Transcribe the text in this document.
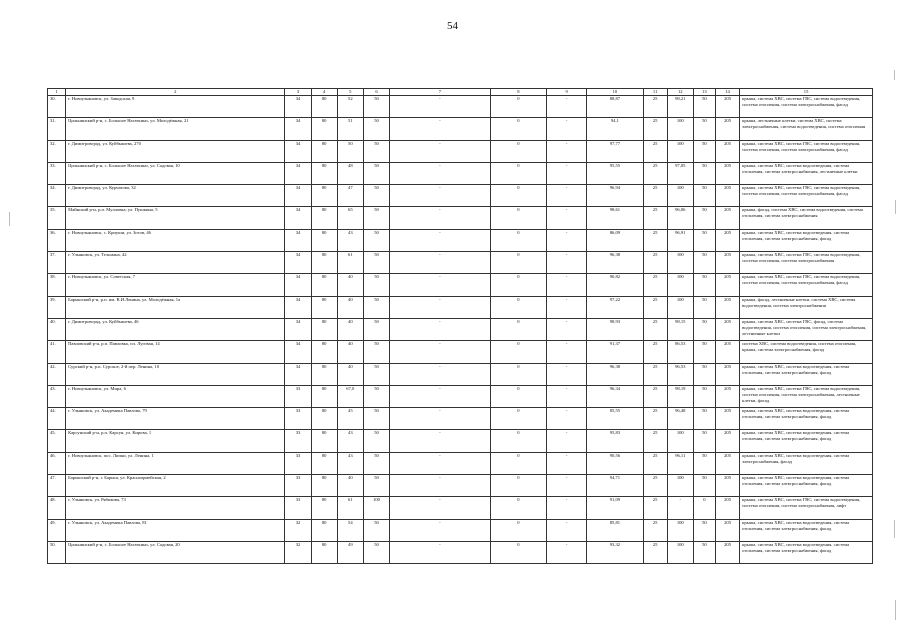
54
1	2	3	4	5	6	7	8	9	10	11	12	13	14	15
30.	г. Новоульяновск, ул. Заводская, 9	34	80	52	50	-	0	-	88,87	25	98,21	50	205	крыша, система ХВС, система ГВС, система водоотведения, система отопления, система электроснабжения, фасад
31.	Цильнинский р-н, с. Большое Нагаткино, ул. Молодёжная, 21	34	80	51	50	-	0	-	94,1	25	100	50	205	крыша, лестничные клетки, система ХВС, система электроснабжения, система водоотведения, система отопления
32.	г. Димитровград, ул. Куйбышева, 270	34	80	50	50	-	0	-	97,77	25	100	50	205	крыша, система ХВС, система ГВС, система водоотведения, система отопления, система электроснабжения, фасад
33.	Цильнинский р-н, с. Большое Нагаткино, ул. Садовая, 10	34	80	48	50	-	0	-	95,55	25	97,05	50	205	крыша, система ХВС, система водоотведения, система отопления, система электроснабжения, лестничные клетки
34.	г. Димитровград, ул. Курчатова, 32	34	80	47	50	-	0	-	96,94	25	100	50	205	крыша, система ХВС, система ГВС, система водоотведения, система отопления, система электроснабжения, фасад
35.	Майнский р-н, р.п. Мулловка, ул. Пушкина, 5	34	80	65	50	-	0	-	98,61	25	96,06	50	205	крыша, фасад, система ХВС, система водоотведения, система отопления, система электроснабжения
36.	г. Новоульяновск, с. Криуши, ул. Зотов, 46	34	80	43	50	-	0	-	86,09	25	96,91	50	205	крыша, система ХВС, система водоотведения, система отопления, система электроснабжения, фасад
37.	г. Ульяновск, ул. Тельмана, 42	34	80	61	50	-	0	-	96,38	25	100	50	205	крыша, система ХВС, система ГВС, система водоотведения, система отопления, система электроснабжения
38.	г. Новоульяновск, ул. Советская, 7	34	80	40	50	-	0	-	90,82	25	100	50	205	крыша, система ХВС, система ГВС, система водоотведения, система отопления, система электроснабжения, фасад
39.	Барышский р-н, р.п. им. В.И.Ленина, ул. Молодёжная, 1а	34	80	40	50	-	0	-	97,22	25	100	50	205	крыша, фасад, лестничные клетки, система ХВС, система водоотведения, система электроснабжения
40.	г. Димитровград, ул. Куйбышева, 46	34	80	40	50	-	0	-	98,93	25	98,15	50	205	крыша, система ХВС, система ГВС, фасад, система водоотведения, система отопления, система электроснабжения, лестничные клетки
41.	Павловский р-н, р.п. Павловка, пл. Луговая, 14	34	80	40	50	-	0	-	91,37	25	86,53	50	205	система ХВС, система водоотведения, система отопления, крыша, система электроснабжения, фасад
42.	Сурский р-н, р.п. Сурское, 2-й пер. Ленина, 10	34	80	40	50	-	0	-	96,38	25	96,53	50	205	крыша, система ХВС, система водоотведения, система отопления, система электроснабжения, фасад
43.	г. Новоульяновск, ул. Мира, 6	33	80	67,0	50	-	0	-	96,34	25	98,19	50	205	крыша, система ХВС, система ГВС, система водоотведения, система отопления, система электроснабжения, лестничные клетки, фасад
44.	г. Ульяновск, ул. Академика Павлова, 79	33	80	45	50	-	0	-	85,55	25	96,48	50	205	крыша, система ХВС, система водоотведения, система отопления, система электроснабжения, фасад
45.	Карсунский р-н, р.п. Карсун, ул. Кирова, 1	33	80	43	50	-	0	-	95,83	25	100	50	205	крыша, система ХВС, система водоотведения, система отопления, система электроснабжения, фасад
46.	г. Новоульяновск, пос. Липки, ул. Ленина, 1	33	80	43	50	-	0	-	90,56	25	96,11	50	205	крыша, система ХВС, система водоотведения, система электроснабжения, фасад
47.	Барышский р-н, г. Барыш, ул. Красноармейская, 2	33	80	40	50	-	0	-	94,71	25	100	50	205	крыша, система ХВС, система водоотведения, система отопления, система электроснабжения, фасад
48.	г. Ульяновск, ул. Рябикова, 73	33	80	61	100	-	0	-	91,09	25	-	0	205	крыша, система ХВС, система ГВС, система водоотведения, система отопления, система электроснабжения, лифт
49.	г. Ульяновск, ул. Академика Павлова, 81	32	80	54	50	-	0	-	85,81	25	100	50	205	крыша, система ХВС, система водоотведения, система отопления, система электроснабжения, фасад
50.	Цильнинский р-н, с. Большое Нагаткино, ул. Садовая, 20	32	80	49	50	-	0	-	93,32	25	100	50	205	крыша, система ХВС, система водоотведения, система отопления, система электроснабжения, фасад
